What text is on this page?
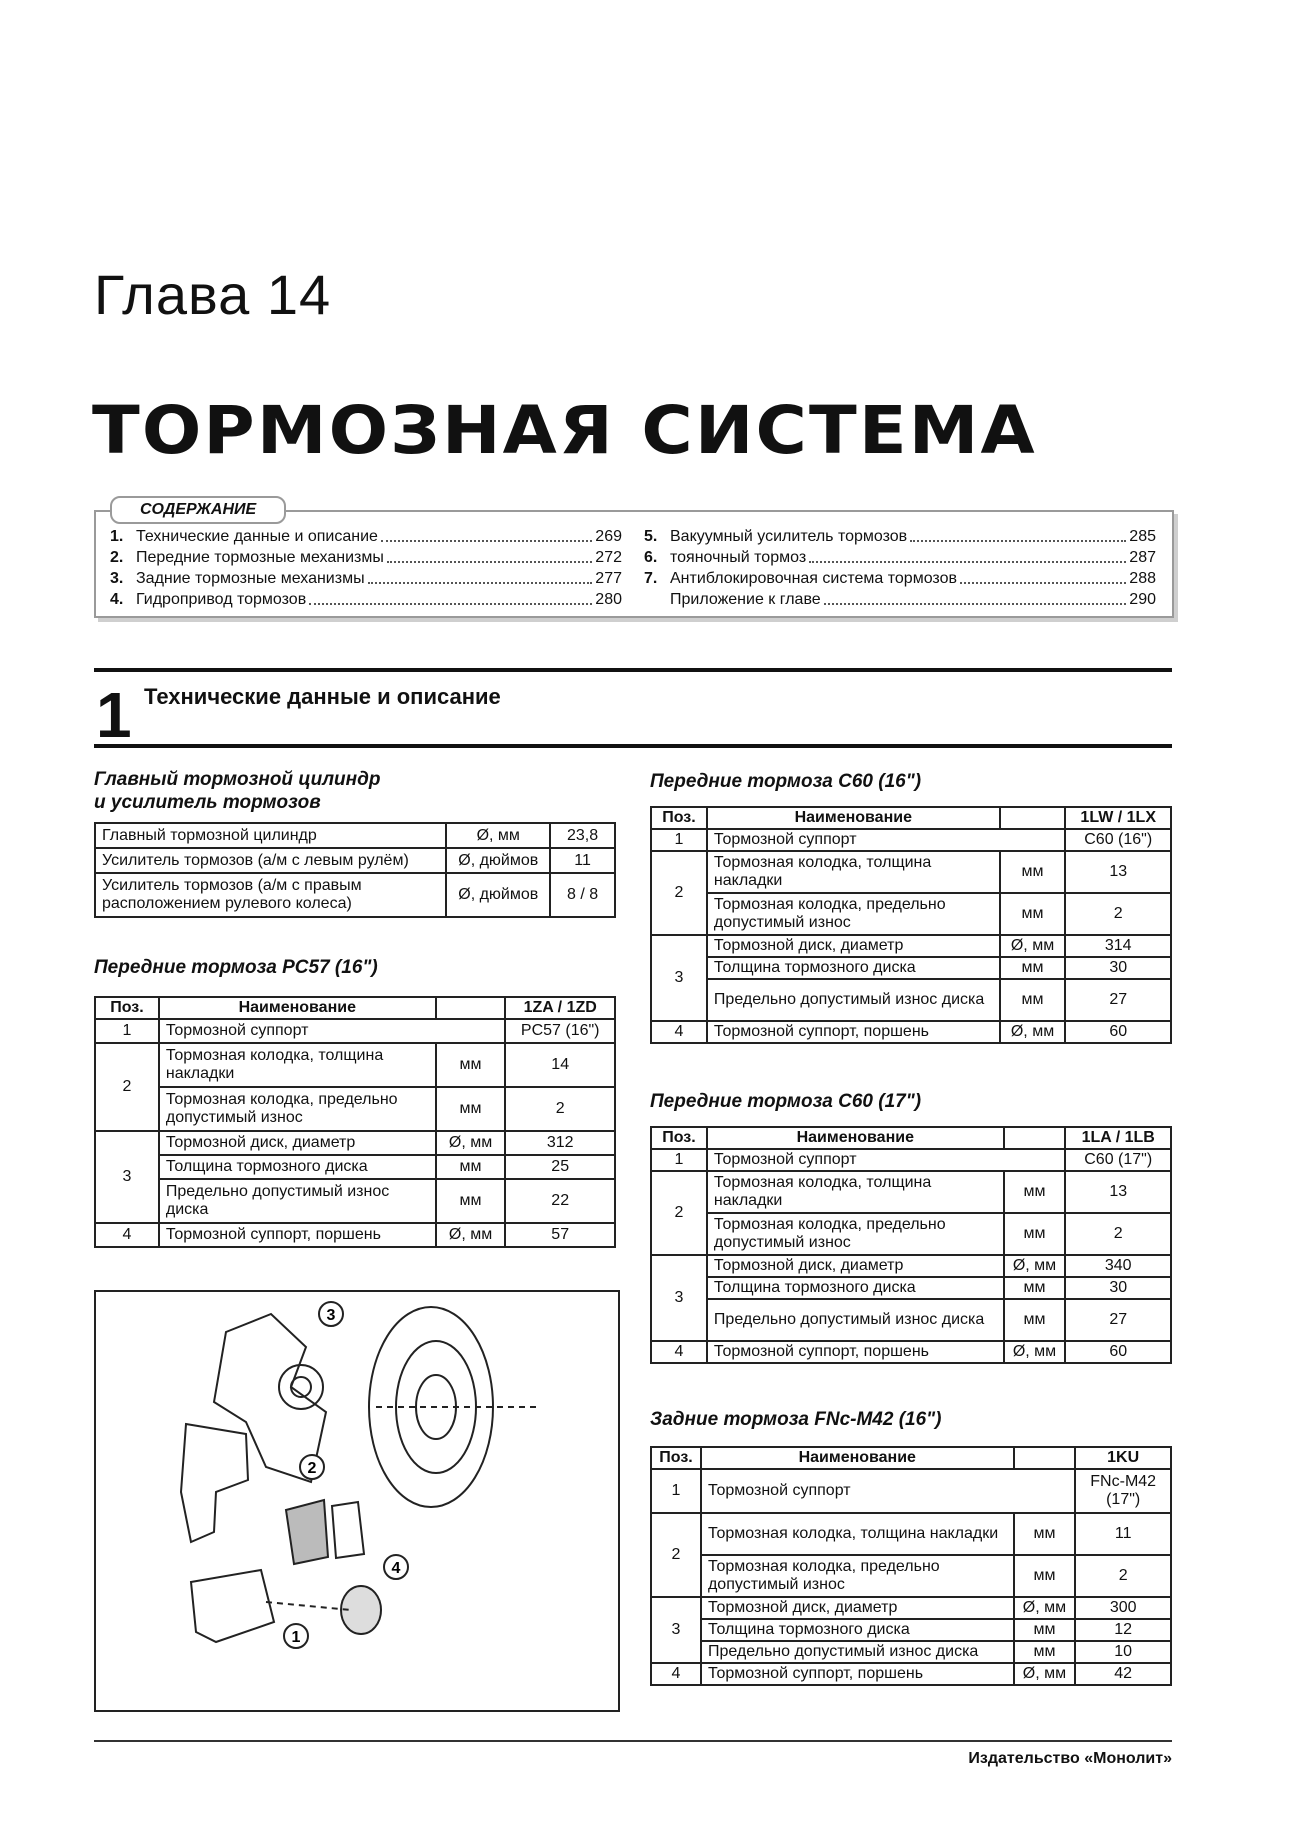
Глава 14
ТОРМОЗНАЯ СИСТЕМА
СОДЕРЖАНИЕ
1. Технические данные и описание	269
2. Передние тормозные механизмы	272
3. Задние тормозные механизмы	277
4. Гидропривод тормозов	280
5. Вакуумный усилитель тормозов	285
6. тояночный тормоз	287
7. Антиблокировочная система тормозов	288
Приложение к главе	290
1 Технические данные и описание
Главный тормозной цилиндр
и усилитель тормозов
Главный тормозной цилиндр	Ø, мм	23,8
Усилитель тормозов (а/м с левым рулём)	Ø, дюймов	11
Усилитель тормозов (а/м с правым расположением рулевого колеса)	Ø, дюймов	8 / 8
Передние тормоза PC57 (16")
Поз.	Наименование		1ZA / 1ZD
1	Тормозной суппорт		PC57 (16")
2	Тормозная колодка, толщина накладки	мм	14
	Тормозная колодка, предельно допустимый износ	мм	2
3	Тормозной диск, диаметр	Ø, мм	312
	Толщина тормозного диска	мм	25
	Предельно допустимый износ диска	мм	22
4	Тормозной суппорт, поршень	Ø, мм	57
3
2
4
1
Передние тормоза C60 (16")
Поз.	Наименование		1LW / 1LX
1	Тормозной суппорт		C60 (16")
2	Тормозная колодка, толщина накладки	мм	13
	Тормозная колодка, предельно допустимый износ	мм	2
3	Тормозной диск, диаметр	Ø, мм	314
	Толщина тормозного диска	мм	30
	Предельно допустимый износ диска	мм	27
4	Тормозной суппорт, поршень	Ø, мм	60
Передние тормоза C60 (17")
Поз.	Наименование		1LA / 1LB
1	Тормозной суппорт		C60 (17")
2	Тормозная колодка, толщина накладки	мм	13
	Тормозная колодка, предельно допустимый износ	мм	2
3	Тормозной диск, диаметр	Ø, мм	340
	Толщина тормозного диска	мм	30
	Предельно допустимый износ диска	мм	27
4	Тормозной суппорт, поршень	Ø, мм	60
Задние тормоза FNc-M42 (16")
Поз.	Наименование		1KU
1	Тормозной суппорт		FNc-M42 (17")
2	Тормозная колодка, толщина накладки	мм	11
	Тормозная колодка, предельно допустимый износ	мм	2
3	Тормозной диск, диаметр	Ø, мм	300
	Толщина тормозного диска	мм	12
	Предельно допустимый износ диска	мм	10
4	Тормозной суппорт, поршень	Ø, мм	42
Издательство «Монолит»
